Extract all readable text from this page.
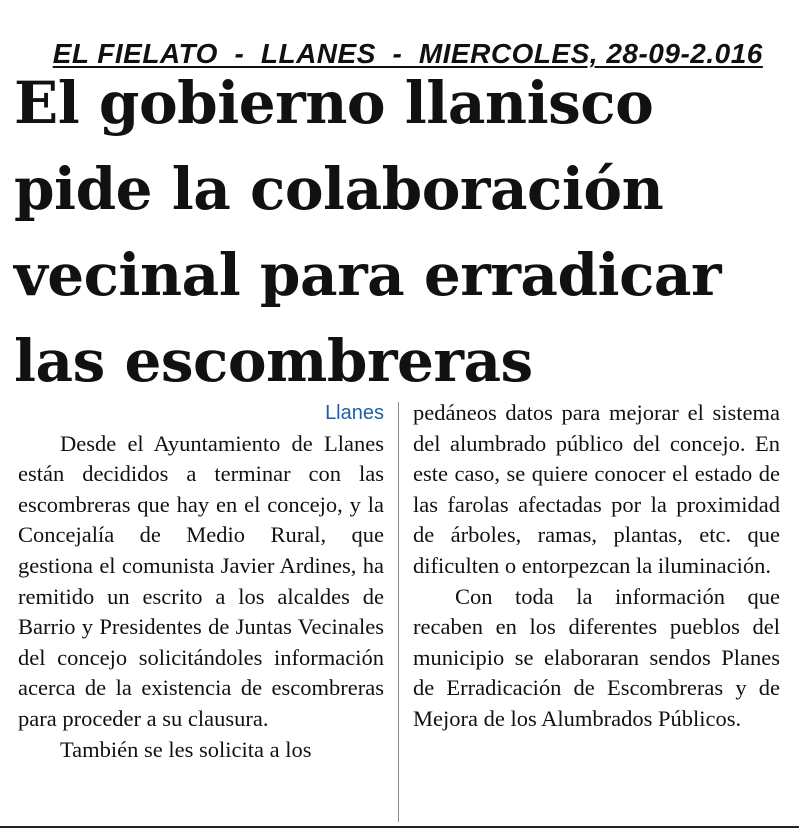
EL FIELATO  -  LLANES  -  MIERCOLES, 28-09-2.016

El gobierno llanisco
pide la colaboración
vecinal para erradicar
las escombreras
Llanes

Desde el Ayuntamiento de Llanes están decididos a terminar con las escombreras que hay en el concejo, y la Concejalía de Medio Rural, que gestiona el comunista Javier Ardines, ha remitido un escrito a los alcaldes de Barrio y Presidentes de Juntas Vecinales del concejo solicitándoles información acerca de la existencia de escombreras para proceder a su clausura.

También se les solicita a los

pedáneos datos para mejorar el sistema del alumbrado público del concejo. En este caso, se quiere conocer el estado de las farolas afectadas por la proximidad de árboles, ramas, plantas, etc. que dificulten o entorpezcan la iluminación.

Con toda la información que recaben en los diferentes pueblos del municipio se elaboraran sendos Planes de Erradicación de Escombreras y de Mejora de los Alumbrados Públicos.
